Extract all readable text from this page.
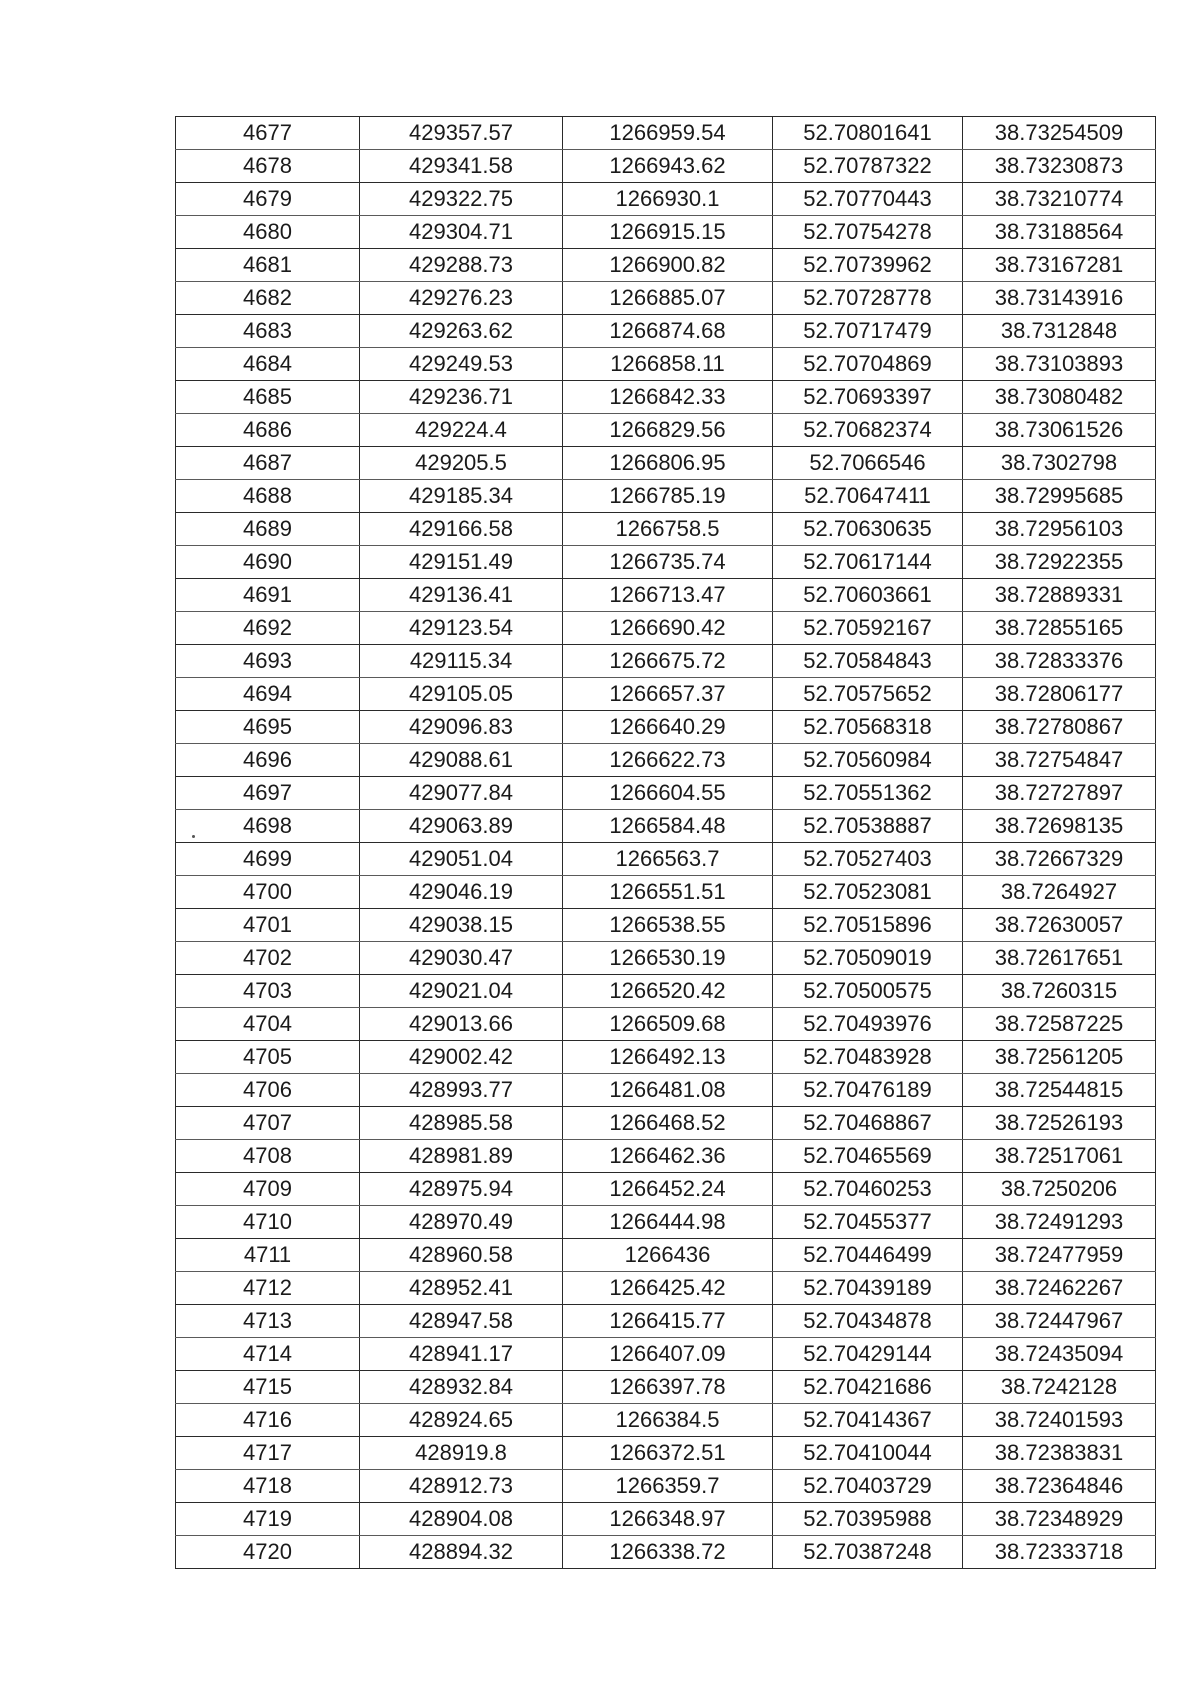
4677	429357.57	1266959.54	52.70801641	38.73254509
4678	429341.58	1266943.62	52.70787322	38.73230873
4679	429322.75	1266930.1	52.70770443	38.73210774
4680	429304.71	1266915.15	52.70754278	38.73188564
4681	429288.73	1266900.82	52.70739962	38.73167281
4682	429276.23	1266885.07	52.70728778	38.73143916
4683	429263.62	1266874.68	52.70717479	38.7312848
4684	429249.53	1266858.11	52.70704869	38.73103893
4685	429236.71	1266842.33	52.70693397	38.73080482
4686	429224.4	1266829.56	52.70682374	38.73061526
4687	429205.5	1266806.95	52.7066546	38.7302798
4688	429185.34	1266785.19	52.70647411	38.72995685
4689	429166.58	1266758.5	52.70630635	38.72956103
4690	429151.49	1266735.74	52.70617144	38.72922355
4691	429136.41	1266713.47	52.70603661	38.72889331
4692	429123.54	1266690.42	52.70592167	38.72855165
4693	429115.34	1266675.72	52.70584843	38.72833376
4694	429105.05	1266657.37	52.70575652	38.72806177
4695	429096.83	1266640.29	52.70568318	38.72780867
4696	429088.61	1266622.73	52.70560984	38.72754847
4697	429077.84	1266604.55	52.70551362	38.72727897
4698	429063.89	1266584.48	52.70538887	38.72698135
4699	429051.04	1266563.7	52.70527403	38.72667329
4700	429046.19	1266551.51	52.70523081	38.7264927
4701	429038.15	1266538.55	52.70515896	38.72630057
4702	429030.47	1266530.19	52.70509019	38.72617651
4703	429021.04	1266520.42	52.70500575	38.7260315
4704	429013.66	1266509.68	52.70493976	38.72587225
4705	429002.42	1266492.13	52.70483928	38.72561205
4706	428993.77	1266481.08	52.70476189	38.72544815
4707	428985.58	1266468.52	52.70468867	38.72526193
4708	428981.89	1266462.36	52.70465569	38.72517061
4709	428975.94	1266452.24	52.70460253	38.7250206
4710	428970.49	1266444.98	52.70455377	38.72491293
4711	428960.58	1266436	52.70446499	38.72477959
4712	428952.41	1266425.42	52.70439189	38.72462267
4713	428947.58	1266415.77	52.70434878	38.72447967
4714	428941.17	1266407.09	52.70429144	38.72435094
4715	428932.84	1266397.78	52.70421686	38.7242128
4716	428924.65	1266384.5	52.70414367	38.72401593
4717	428919.8	1266372.51	52.70410044	38.72383831
4718	428912.73	1266359.7	52.70403729	38.72364846
4719	428904.08	1266348.97	52.70395988	38.72348929
4720	428894.32	1266338.72	52.70387248	38.72333718
